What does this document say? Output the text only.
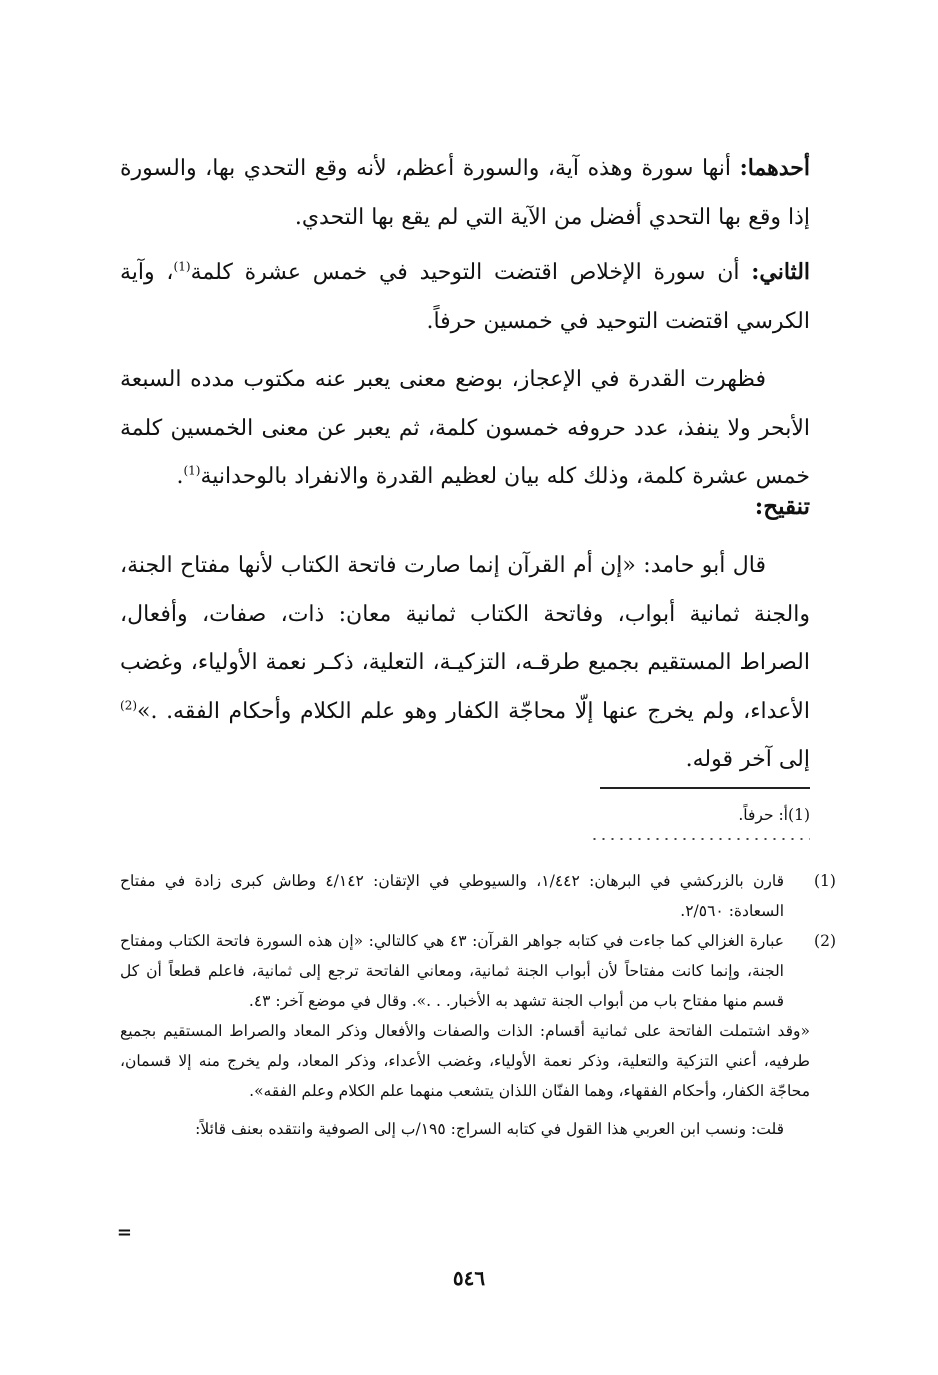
أحدهما: أنها سورة وهذه آية، والسورة أعظم، لأنه وقع التحدي بها، والسورة إذا وقع بها التحدي أفضل من الآية التي لم يقع بها التحدي.

الثاني: أن سورة الإخلاص اقتضت التوحيد في خمس عشرة كلمة$^{(1)}$، وآية الكرسي اقتضت التوحيد في خمسين حرفاً.

فظهرت القدرة في الإعجاز، بوضع معنى يعبر عنه مكتوب مدده السبعة الأبحر ولا ينفذ، عدد حروفه خمسون كلمة، ثم يعبر عن معنى الخمسين كلمة خمس عشرة كلمة، وذلك كله بيان لعظيم القدرة والانفراد بالوحدانية$^{(1)}$.

تنقيح:

قال أبو حامد: «إن أم القرآن إنما صارت فاتحة الكتاب لأنها مفتاح الجنة، والجنة ثمانية أبواب، وفاتحة الكتاب ثمانية معان: ذات، صفات، وأفعال، الصراط المستقيم بجميع طرقـه، التزكيـة، التعلية، ذكـر نعمة الأولياء، وغضب الأعداء، ولم يخرج عنها إلّا محاجّة الكفار وهو علم الكلام وأحكام الفقه. .»$^{(2)}$ إلى آخر قوله.

(1)أ: حرفاً.

(1)قارن بالزركشي في البرهان: ١/٤٤٢، والسيوطي في الإتقان: ٤/١٤٢ وطاش كبرى زادة في مفتاح السعادة: ٢/٥٦٠.

(2)عبارة الغزالي كما جاءت في كتابه جواهر القرآن: ٤٣ هي كالتالي: «إن هذه السورة فاتحة الكتاب ومفتاح الجنة، وإنما كانت مفتاحاً لأن أبواب الجنة ثمانية، ومعاني الفاتحة ترجع إلى ثمانية، فاعلم قطعاً أن كل قسم منها مفتاح باب من أبواب الجنة تشهد به الأخبار. . .». وقال في موضع آخر: ٤٣.

«وقد اشتملت الفاتحة على ثمانية أقسام: الذات والصفات والأفعال وذكر المعاد والصراط المستقيم بجميع طرفيه، أعني التزكية والتعلية، وذكر نعمة الأولياء، وغضب الأعداء، وذكر المعاد، ولم يخرج منه إلا قسمان، محاجّة الكفار، وأحكام الفقهاء، وهما الفنّان اللذان يتشعب منهما علم الكلام وعلم الفقه».

قلت: ونسب ابن العربي هذا القول في كتابه السراج: ١٩٥/ب إلى الصوفية وانتقده بعنف قائلاً:

=
٥٤٦
